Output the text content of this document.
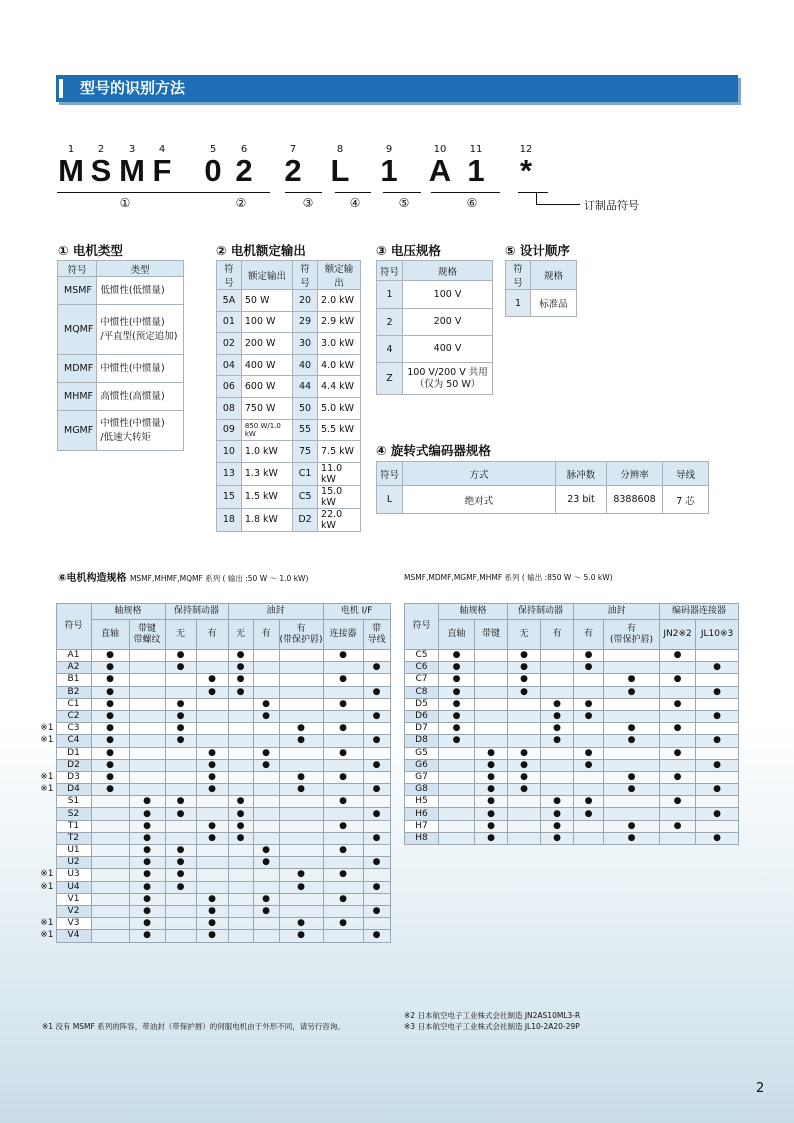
型号的识别方法
1
M
2
S
3
M
4
F
5
0
6
2
7
2
8
L
9
1
10
A
11
1
12
*
①	②	③	④	⑤	⑥	订制品符号
① 电机类型
符号	类型
MSMF	低惯性(低惯量)
MQMF	中惯性(中惯量)
/平直型(预定追加)
MDMF	中惯性(中惯量)
MHMF	高惯性(高惯量)
MGMF	中惯性(中惯量)
/低速大转矩
② 电机额定输出
符号	额定输出	符号	额定输出
5A	50 W	20	2.0 kW
01	100 W	29	2.9 kW
02	200 W	30	3.0 kW
04	400 W	40	4.0 kW
06	600 W	44	4.4 kW
08	750 W	50	5.0 kW
09	850 W/1.0 kW	55	5.5 kW
10	1.0 kW	75	7.5 kW
13	1.3 kW	C1	11.0 kW
15	1.5 kW	C5	15.0 kW
18	1.8 kW	D2	22.0 kW
③ 电压规格
符号	规格
1	100 V
2	200 V
4	400 V
Z	100 V/200 V 共用
（仅为 50 W）
⑤ 设计顺序
符号	规格
1	标准品
④ 旋转式编码器规格
符号	方式	脉冲数	分辨率	导线
L	绝对式	23 bit	8388608	7 芯
⑥电机构造规格 MSMF,MHMF,MQMF 系列 ( 输出 :50 W ～ 1.0 kW)	MSMF,MDMF,MGMF,MHMF 系列 ( 输出 :850 W ～ 5.0 kW)
	符号	轴规格		保持制动器		油封			电机 I/F	
		直轴	带键
带螺纹	无	有	无	有	有
(带保护唇)	连接器	带
导线
	A1	●		●		●			●	
	A2	●		●		●				●
	B1	●			●	●			●	
	B2	●			●	●				●
	C1	●		●			●		●	
	C2	●		●			●			●
※1	C3	●		●				●	●	
※1	C4	●		●				●		●
	D1	●			●		●		●	
	D2	●			●		●			●
※1	D3	●			●			●	●	
※1	D4	●			●			●		●
	S1		●	●		●			●	
	S2		●	●		●				●
	T1		●		●	●			●	
	T2		●		●	●				●
	U1		●	●			●		●	
	U2		●	●			●			●
※1	U3		●	●				●	●	
※1	U4		●	●				●		●
	V1		●		●		●		●	
	V2		●		●		●			●
※1	V3		●		●			●	●	
※1	V4		●		●			●		●
符号	轴规格		保持制动器		油封		编码器连接器	
	直轴	带键	无	有	有	有
(带保护唇)	JN2※2	JL10※3
C5	●		●		●		●	
C6	●		●		●			●
C7	●		●			●	●	
C8	●		●			●		●
D5	●			●	●		●	
D6	●			●	●			●
D7	●			●		●	●	
D8	●			●		●		●
G5		●	●		●		●	
G6		●	●		●			●
G7		●	●			●	●	
G8		●	●			●		●
H5		●		●	●		●	
H6		●		●	●			●
H7		●		●		●	●	
H8		●		●		●		●
※2 日本航空电子工业株式会社制造 JN2AS10ML3-R
※3 日本航空电子工业株式会社制造 JL10-2A20-29P
※1 没有 MSMF 系列的阵容，带油封（带保护唇）的伺服电机由于外形不同，请另行咨询。
2
